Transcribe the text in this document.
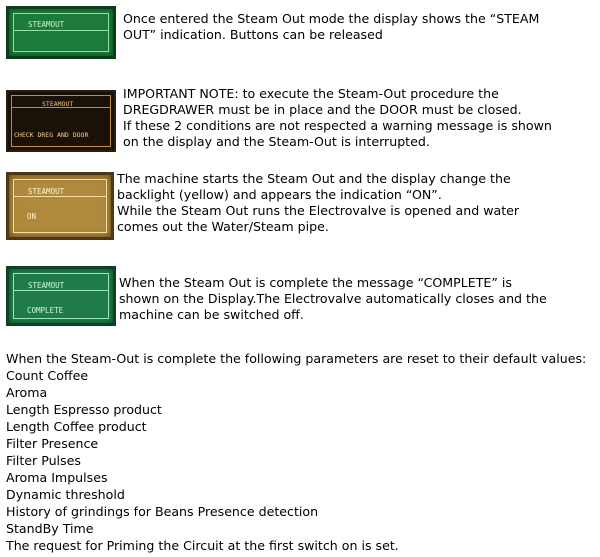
STEAMOUT	Once entered the Steam Out mode the display shows the “STEAM
OUT” indication. Buttons can be released
STEAMOUT
CHECK DREG AND DOOR
IMPORTANT NOTE: to execute the Steam-Out procedure the
DREGDRAWER must be in place and the DOOR must be closed.
If these 2 conditions are not respected a warning message is shown
on the display and the Steam-Out is interrupted.
STEAMOUT
ON
The machine starts the Steam Out and the display change the
backlight (yellow) and appears the indication “ON”.
While the Steam Out runs the Electrovalve is opened and water
comes out the Water/Steam pipe.
STEAMOUT
COMPLETE
When the Steam Out is complete the message “COMPLETE” is
shown on the Display.The Electrovalve automatically closes and the
machine can be switched off.
When the Steam-Out is complete the following parameters are reset to their default values:
Count Coffee
Aroma
Length Espresso product
Length Coffee product
Filter Presence
Filter Pulses
Aroma Impulses
Dynamic threshold
History of grindings for Beans Presence detection
StandBy Time
The request for Priming the Circuit at the first switch on is set.
